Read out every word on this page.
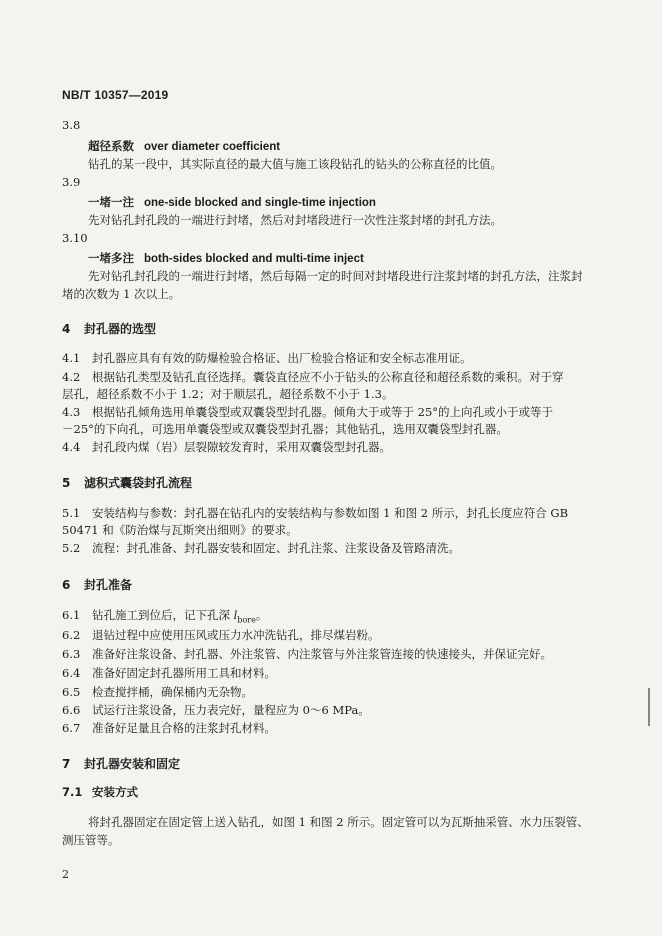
NB/T 10357—2019
3.8
超径系数 over diameter coefficient
钻孔的某一段中，其实际直径的最大值与施工该段钻孔的钻头的公称直径的比值。
3.9
一堵一注 one-side blocked and single-time injection
先对钻孔封孔段的一端进行封堵，然后对封堵段进行一次性注浆封堵的封孔方法。
3.10
一堵多注 both-sides blocked and multi-time inject
先对钻孔封孔段的一端进行封堵，然后每隔一定的时间对封堵段进行注浆封堵的封孔方法，注浆封
堵的次数为 1 次以上。
4 封孔器的选型
4.1 封孔器应具有有效的防爆检验合格证、出厂检验合格证和安全标志准用证。
4.2 根据钻孔类型及钻孔直径选择。囊袋直径应不小于钻头的公称直径和超径系数的乘积。对于穿
层孔，超径系数不小于 1.2；对于顺层孔，超径系数不小于 1.3。
4.3 根据钻孔倾角选用单囊袋型或双囊袋型封孔器。倾角大于或等于 25°的上向孔或小于或等于
－25°的下向孔，可选用单囊袋型或双囊袋型封孔器；其他钻孔，选用双囊袋型封孔器。
4.4 封孔段内煤（岩）层裂隙较发育时，采用双囊袋型封孔器。
5 滤积式囊袋封孔流程
5.1 安装结构与参数：封孔器在钻孔内的安装结构与参数如图 1 和图 2 所示，封孔长度应符合 GB
50471 和《防治煤与瓦斯突出细则》的要求。
5.2 流程：封孔准备、封孔器安装和固定、封孔注浆、注浆设备及管路清洗。
6 封孔准备
6.1 钻孔施工到位后，记下孔深 $l_{bore}$。
6.2 退钻过程中应使用压风或压力水冲洗钻孔，排尽煤岩粉。
6.3 准备好注浆设备、封孔器、外注浆管、内注浆管与外注浆管连接的快速接头，并保证完好。
6.4 准备好固定封孔器所用工具和材料。
6.5 检查搅拌桶，确保桶内无杂物。
6.6 试运行注浆设备，压力表完好，量程应为 0～6 MPa。
6.7 准备好足量且合格的注浆封孔材料。
7 封孔器安装和固定
7.1 安装方式
将封孔器固定在固定管上送入钻孔，如图 1 和图 2 所示。固定管可以为瓦斯抽采管、水力压裂管、
测压管等。
2
